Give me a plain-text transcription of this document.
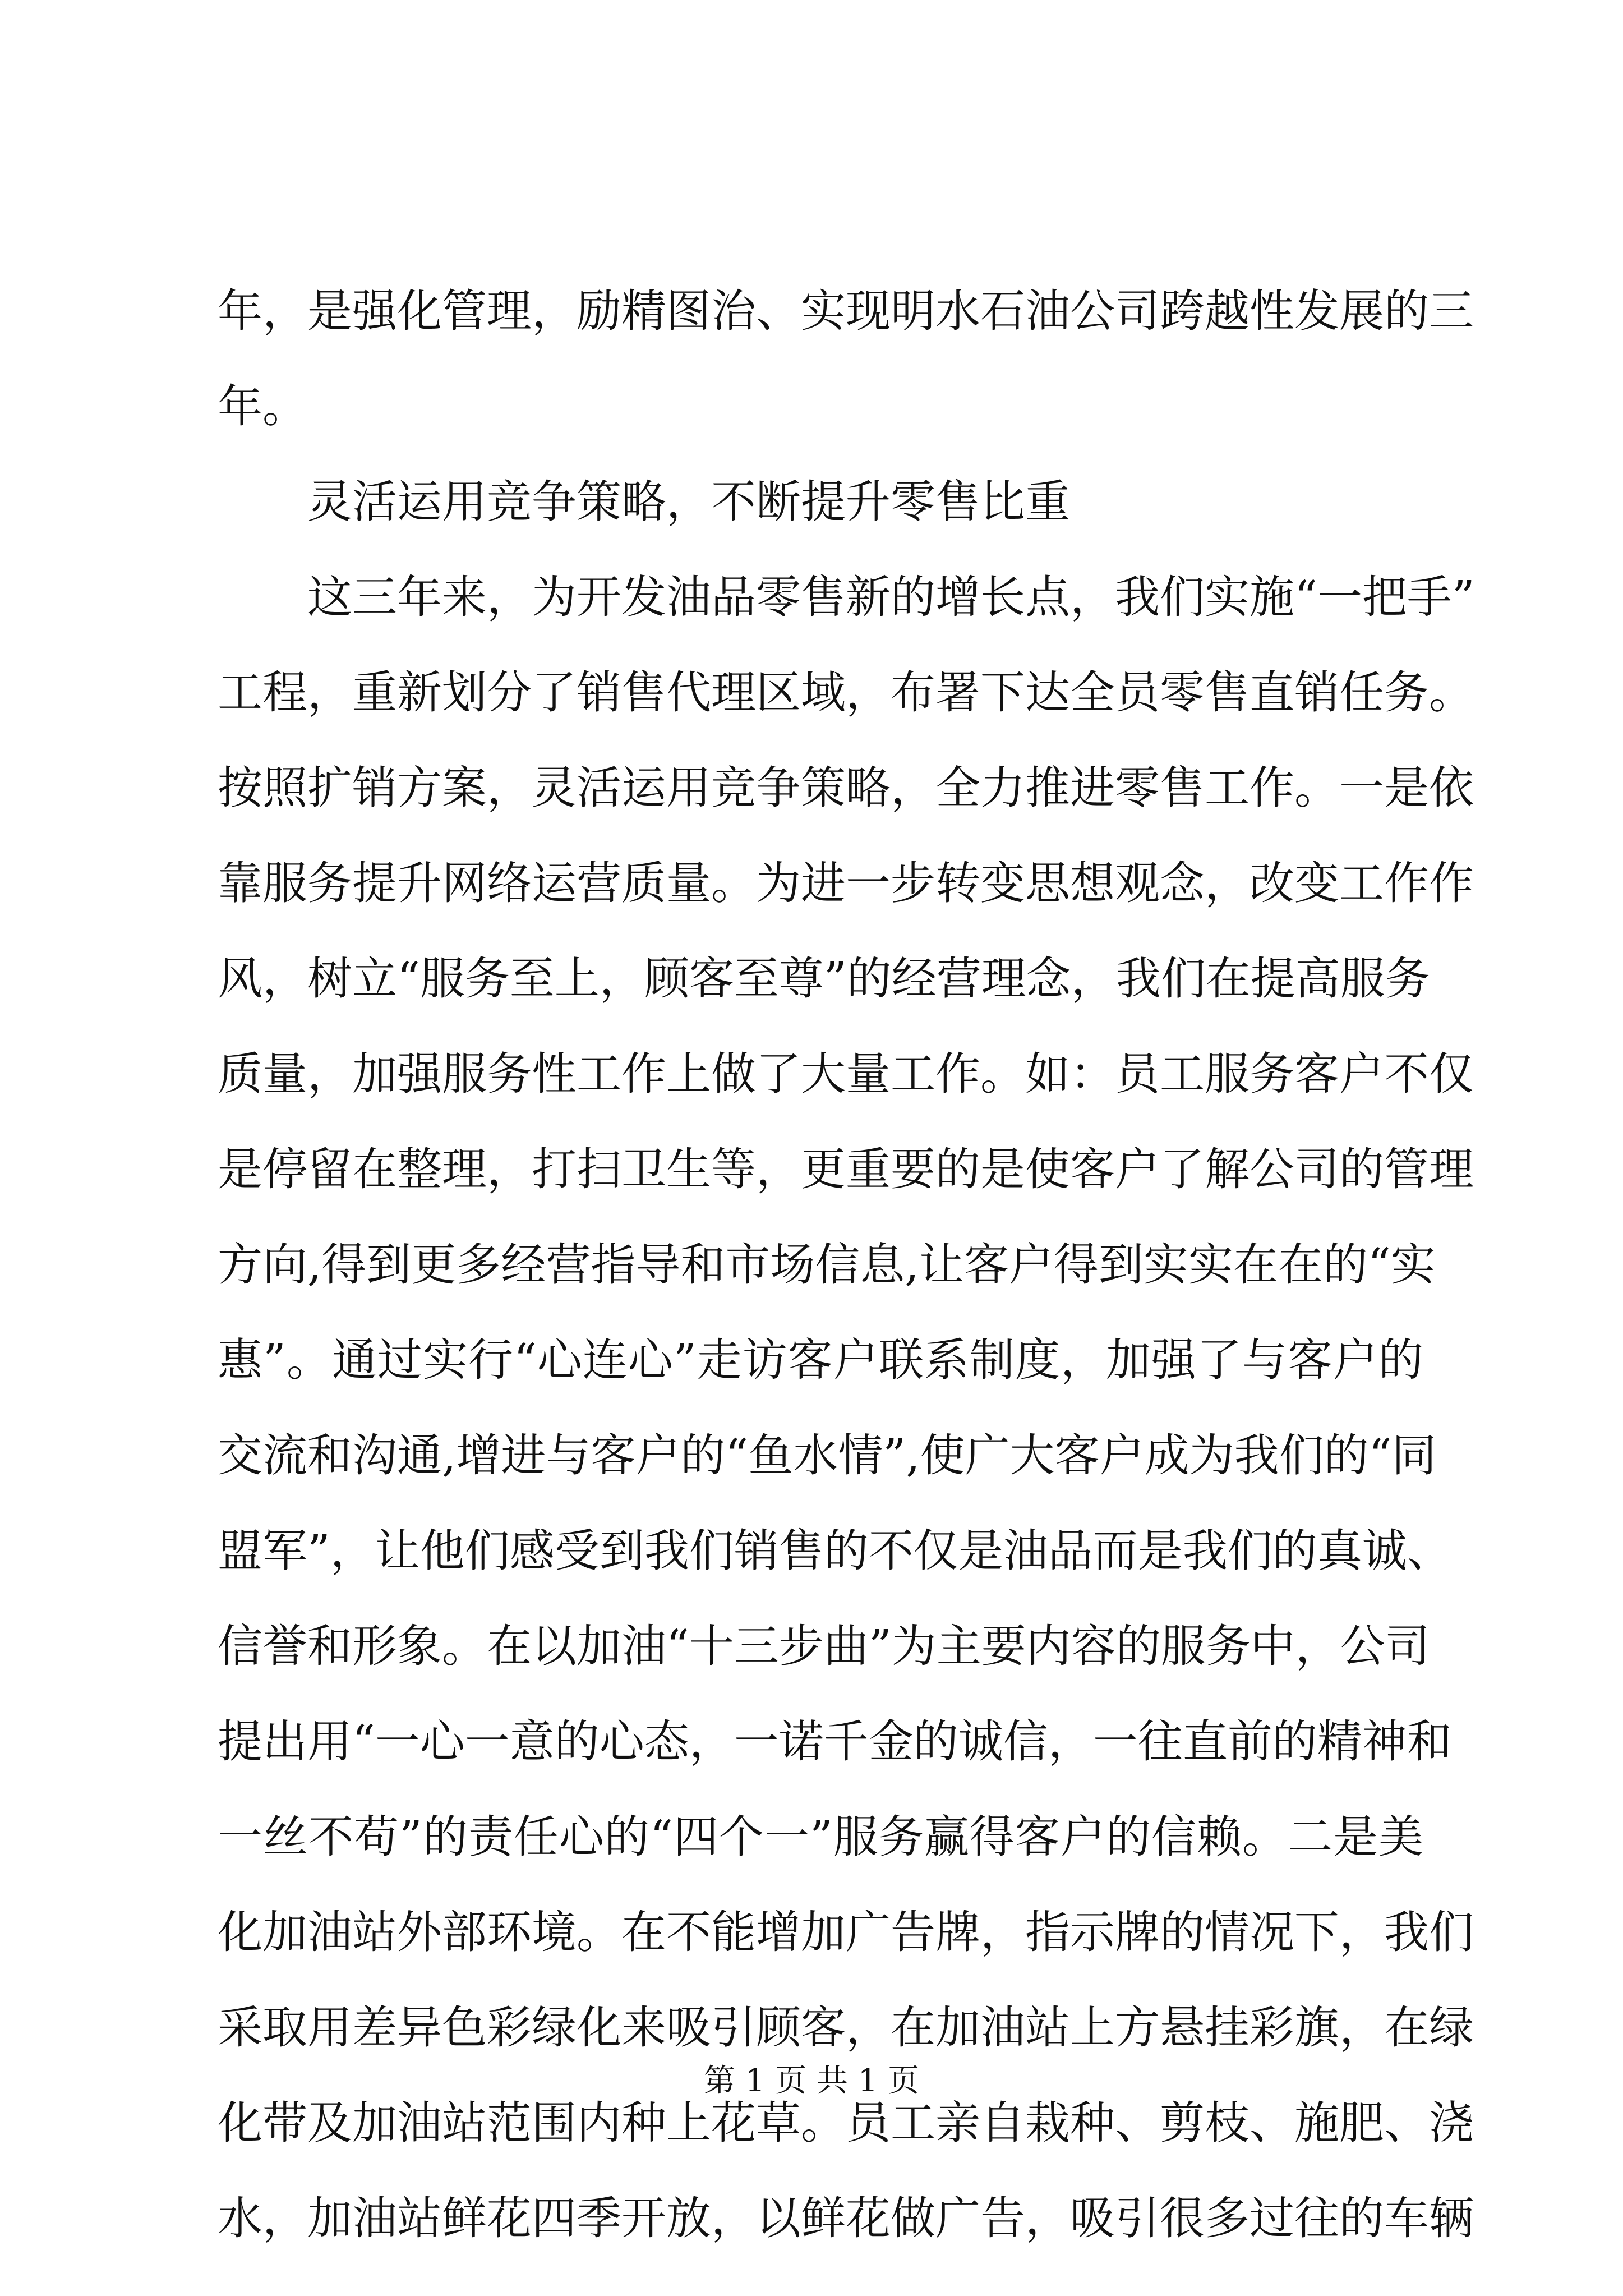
年，是强化管理，励精图治、实现明水石油公司跨越性发展的三
年。
灵活运用竞争策略，不断提升零售比重
这三年来，为开发油品零售新的增长点，我们实施“一把手”
工程，重新划分了销售代理区域，布署下达全员零售直销任务。
按照扩销方案，灵活运用竞争策略，全力推进零售工作。一是依
靠服务提升网络运营质量。为进一步转变思想观念，改变工作作
风，树立“服务至上，顾客至尊”的经营理念，我们在提高服务
质量，加强服务性工作上做了大量工作。如：员工服务客户不仅
是停留在整理，打扫卫生等，更重要的是使客户了解公司的管理
方向,得到更多经营指导和市场信息,让客户得到实实在在的“实
惠”。通过实行“心连心”走访客户联系制度，加强了与客户的
交流和沟通,增进与客户的“鱼水情”,使广大客户成为我们的“同
盟军”，让他们感受到我们销售的不仅是油品而是我们的真诚、
信誉和形象。在以加油“十三步曲”为主要内容的服务中，公司
提出用“一心一意的心态，一诺千金的诚信，一往直前的精神和
一丝不苟”的责任心的“四个一”服务赢得客户的信赖。二是美
化加油站外部环境。在不能增加广告牌，指示牌的情况下，我们
采取用差异色彩绿化来吸引顾客，在加油站上方悬挂彩旗，在绿
化带及加油站范围内种上花草。员工亲自栽种、剪枝、施肥、浇
水，加油站鲜花四季开放，以鲜花做广告，吸引很多过往的车辆
第 1 页 共 1 页
